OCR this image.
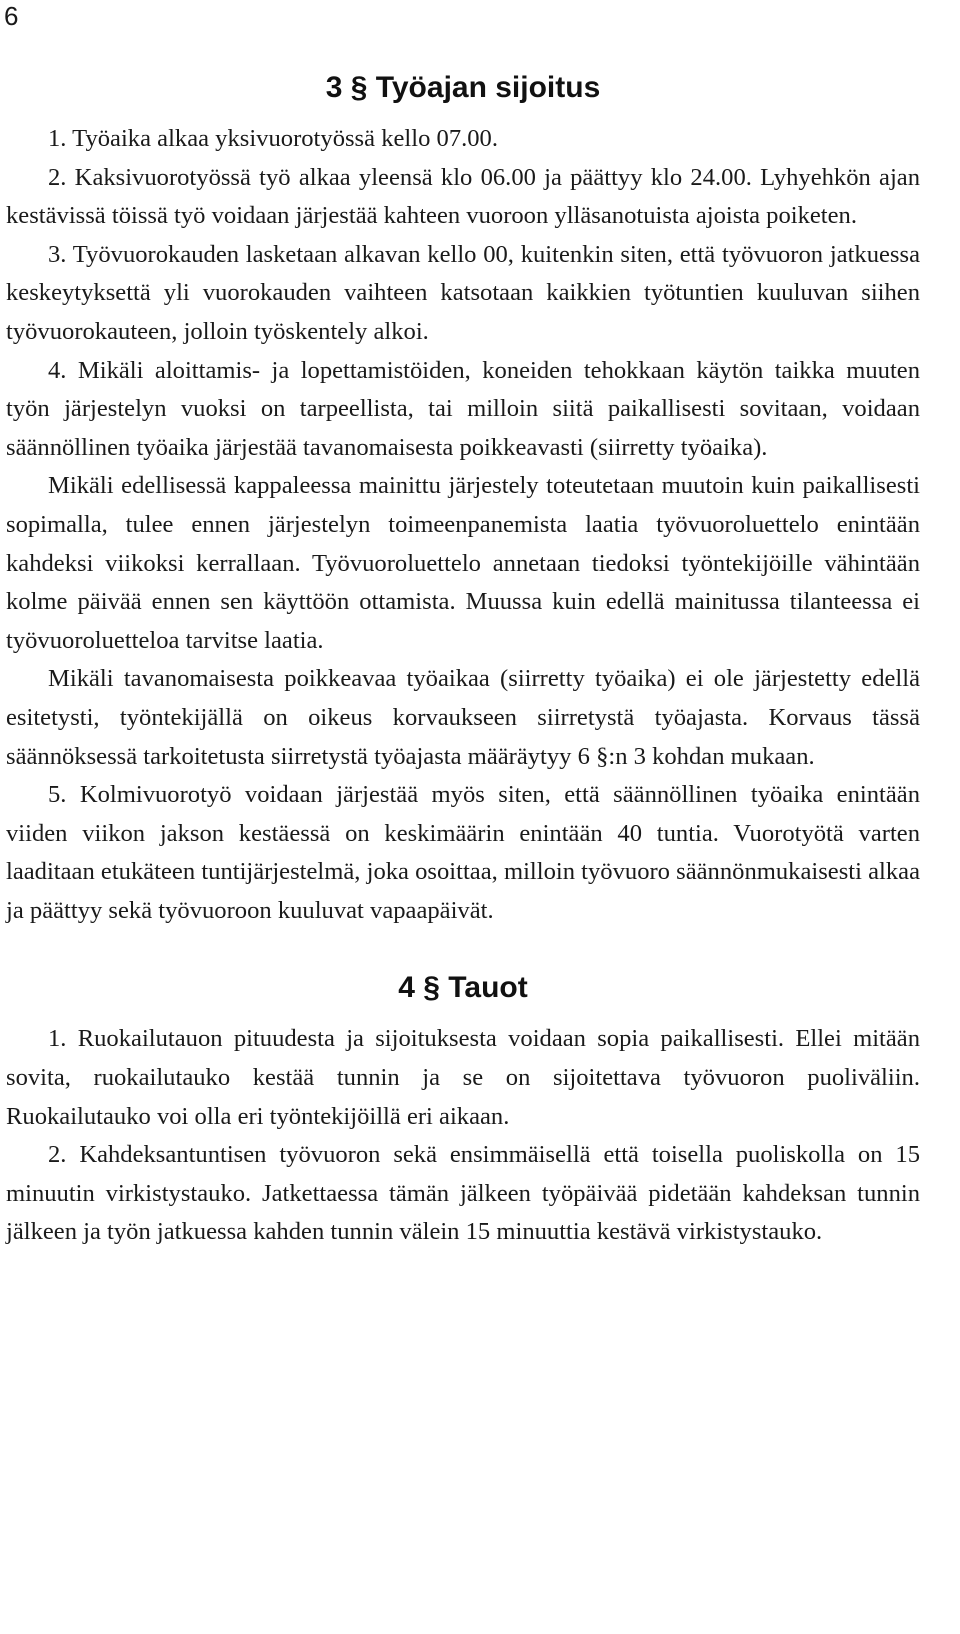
6
3 § Työajan sijoitus

1. Työaika alkaa yksivuorotyössä kello 07.00.

2. Kaksivuorotyössä työ alkaa yleensä klo 06.00 ja päättyy klo 24.00. Lyhyehkön ajan kestävissä töissä työ voidaan järjestää kahteen vuoroon ylläsanotuista ajoista poiketen.

3. Työvuorokauden lasketaan alkavan kello 00, kuitenkin siten, että työvuoron jatkuessa keskeytyksettä yli vuorokauden vaihteen katsotaan kaikkien työtuntien kuuluvan siihen työvuorokauteen, jolloin työskentely alkoi.

4. Mikäli aloittamis- ja lopettamistöiden, koneiden tehokkaan käytön taikka muuten työn järjestelyn vuoksi on tarpeellista, tai milloin siitä paikallisesti sovitaan, voidaan säännöllinen työaika järjestää tavanomaisesta poikkeavasti (siirretty työaika).

Mikäli edellisessä kappaleessa mainittu järjestely toteutetaan muutoin kuin paikallisesti sopimalla, tulee ennen järjestelyn toimeenpanemista laatia työvuoroluettelo enintään kahdeksi viikoksi kerrallaan. Työvuoroluettelo annetaan tiedoksi työntekijöille vähintään kolme päivää ennen sen käyttöön ottamista. Muussa kuin edellä mainitussa tilanteessa ei työvuoroluetteloa tarvitse laatia.

Mikäli tavanomaisesta poikkeavaa työaikaa (siirretty työaika) ei ole järjestetty edellä esitetysti, työntekijällä on oikeus korvaukseen siirretystä työajasta. Korvaus tässä säännöksessä tarkoitetusta siirretystä työajasta määräytyy 6 §:n 3 kohdan mukaan.

5. Kolmivuorotyö voidaan järjestää myös siten, että säännöllinen työaika enintään viiden viikon jakson kestäessä on keskimäärin enintään 40 tuntia. Vuorotyötä varten laaditaan etukäteen tuntijärjestelmä, joka osoittaa, milloin työvuoro säännönmukaisesti alkaa ja päättyy sekä työvuoroon kuuluvat vapaapäivät.

4 § Tauot

1. Ruokailutauon pituudesta ja sijoituksesta voidaan sopia paikallisesti. Ellei mitään sovita, ruokailutauko kestää tunnin ja se on sijoitettava työvuoron puoliväliin. Ruokailutauko voi olla eri työntekijöillä eri aikaan.

2. Kahdeksantuntisen työvuoron sekä ensimmäisellä että toisella puoliskolla on 15 minuutin virkistystauko. Jatkettaessa tämän jälkeen työpäivää pidetään kahdeksan tunnin jälkeen ja työn jatkuessa kahden tunnin välein 15 minuuttia kestävä virkistystauko.
